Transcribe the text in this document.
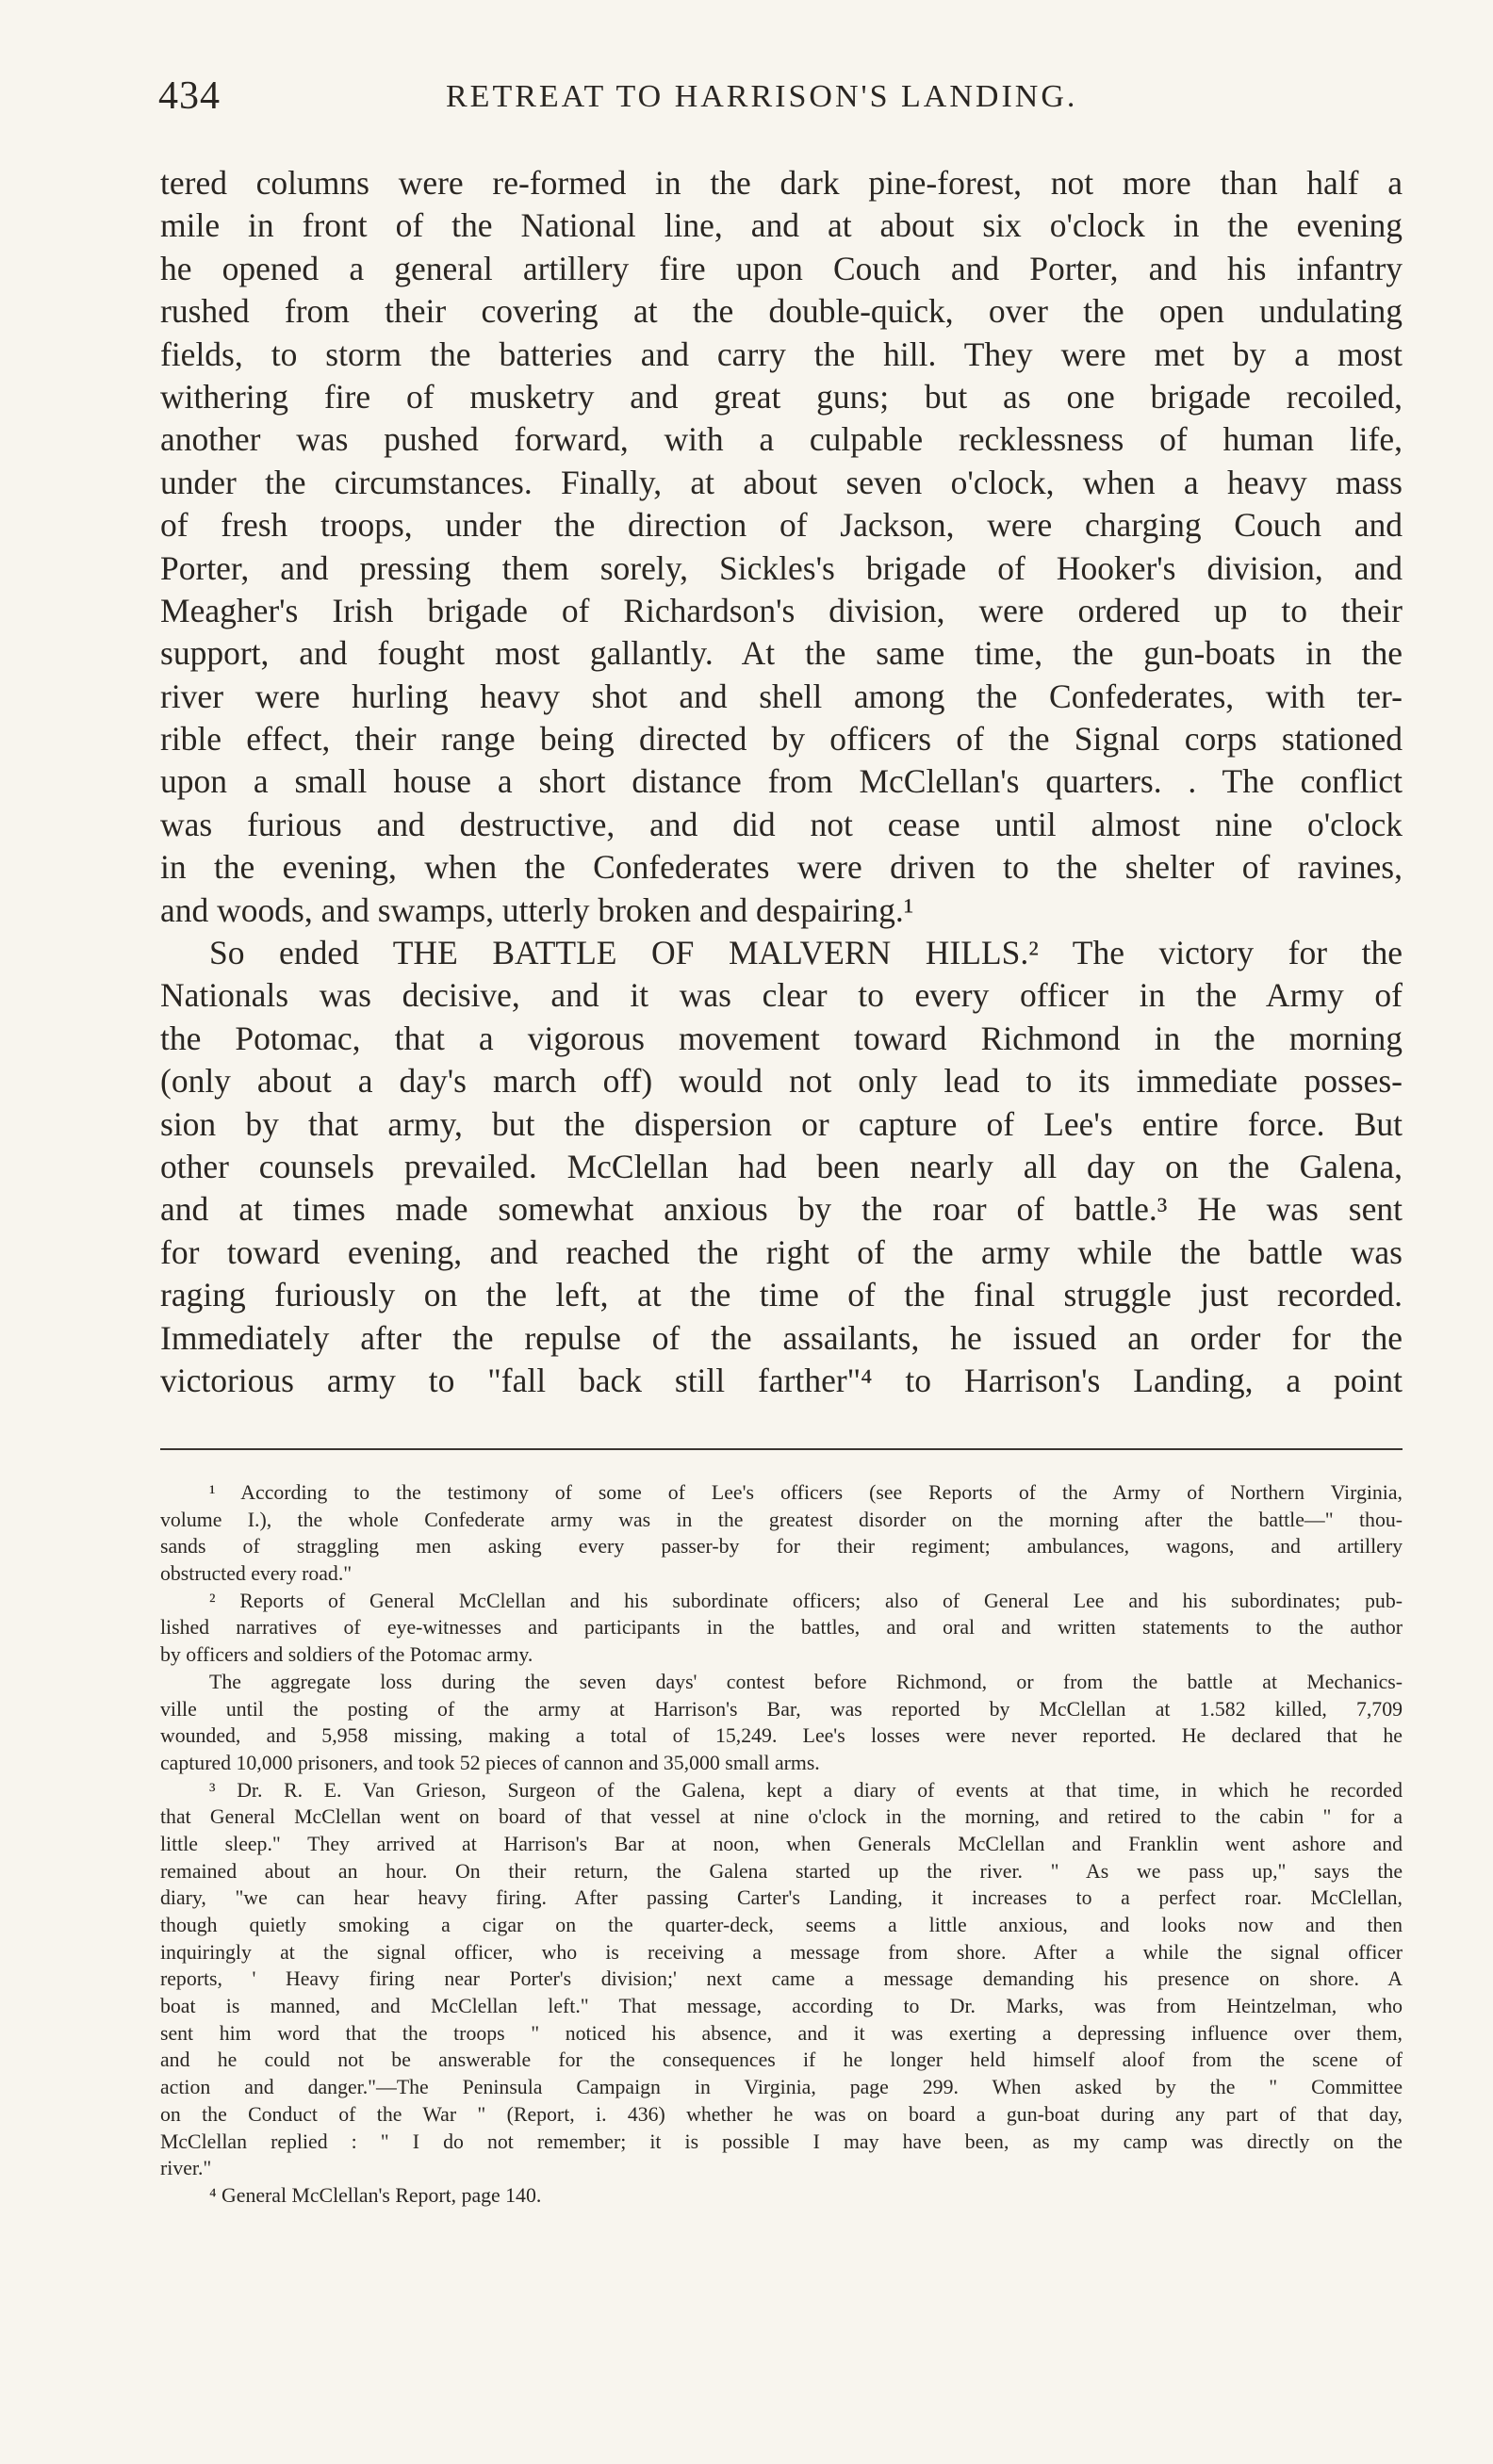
434	RETREAT TO HARRISON'S LANDING.
tered columns were re-formed in the dark pine-forest, not more than half a
mile in front of the National line, and at about six o'clock in the evening
he opened a general artillery fire upon Couch and Porter, and his infantry
rushed from their covering at the double-quick, over the open undulating
fields, to storm the batteries and carry the hill. They were met by a most
withering fire of musketry and great guns; but as one brigade recoiled,
another was pushed forward, with a culpable recklessness of human life,
under the circumstances. Finally, at about seven o'clock, when a heavy mass
of fresh troops, under the direction of Jackson, were charging Couch and
Porter, and pressing them sorely, Sickles's brigade of Hooker's division, and
Meagher's Irish brigade of Richardson's division, were ordered up to their
support, and fought most gallantly. At the same time, the gun-boats in the
river were hurling heavy shot and shell among the Confederates, with ter-
rible effect, their range being directed by officers of the Signal corps stationed
upon a small house a short distance from McClellan's quarters. . The conflict
was furious and destructive, and did not cease until almost nine o'clock
in the evening, when the Confederates were driven to the shelter of ravines,
and woods, and swamps, utterly broken and despairing.¹
So ended THE BATTLE OF MALVERN HILLS.² The victory for the
Nationals was decisive, and it was clear to every officer in the Army of
the Potomac, that a vigorous movement toward Richmond in the morning
(only about a day's march off) would not only lead to its immediate posses-
sion by that army, but the dispersion or capture of Lee's entire force. But
other counsels prevailed. McClellan had been nearly all day on the Galena,
and at times made somewhat anxious by the roar of battle.³ He was sent
for toward evening, and reached the right of the army while the battle was
raging furiously on the left, at the time of the final struggle just recorded.
Immediately after the repulse of the assailants, he issued an order for the
victorious army to "fall back still farther"⁴ to Harrison's Landing, a point
¹ According to the testimony of some of Lee's officers (see Reports of the Army of Northern Virginia,
volume I.), the whole Confederate army was in the greatest disorder on the morning after the battle—" thou-
sands of straggling men asking every passer-by for their regiment; ambulances, wagons, and artillery
obstructed every road."
² Reports of General McClellan and his subordinate officers; also of General Lee and his subordinates; pub-
lished narratives of eye-witnesses and participants in the battles, and oral and written statements to the author
by officers and soldiers of the Potomac army.
The aggregate loss during the seven days' contest before Richmond, or from the battle at Mechanics-
ville until the posting of the army at Harrison's Bar, was reported by McClellan at 1.582 killed, 7,709
wounded, and 5,958 missing, making a total of 15,249. Lee's losses were never reported. He declared that he
captured 10,000 prisoners, and took 52 pieces of cannon and 35,000 small arms.
³ Dr. R. E. Van Grieson, Surgeon of the Galena, kept a diary of events at that time, in which he recorded
that General McClellan went on board of that vessel at nine o'clock in the morning, and retired to the cabin " for a
little sleep." They arrived at Harrison's Bar at noon, when Generals McClellan and Franklin went ashore and
remained about an hour. On their return, the Galena started up the river. " As we pass up," says the
diary, "we can hear heavy firing. After passing Carter's Landing, it increases to a perfect roar. McClellan,
though quietly smoking a cigar on the quarter-deck, seems a little anxious, and looks now and then
inquiringly at the signal officer, who is receiving a message from shore. After a while the signal officer
reports, ' Heavy firing near Porter's division;' next came a message demanding his presence on shore. A
boat is manned, and McClellan left." That message, according to Dr. Marks, was from Heintzelman, who
sent him word that the troops " noticed his absence, and it was exerting a depressing influence over them,
and he could not be answerable for the consequences if he longer held himself aloof from the scene of
action and danger."—The Peninsula Campaign in Virginia, page 299. When asked by the " Committee
on the Conduct of the War " (Report, i. 436) whether he was on board a gun-boat during any part of that day,
McClellan replied : " I do not remember; it is possible I may have been, as my camp was directly on the
river."
⁴ General McClellan's Report, page 140.
